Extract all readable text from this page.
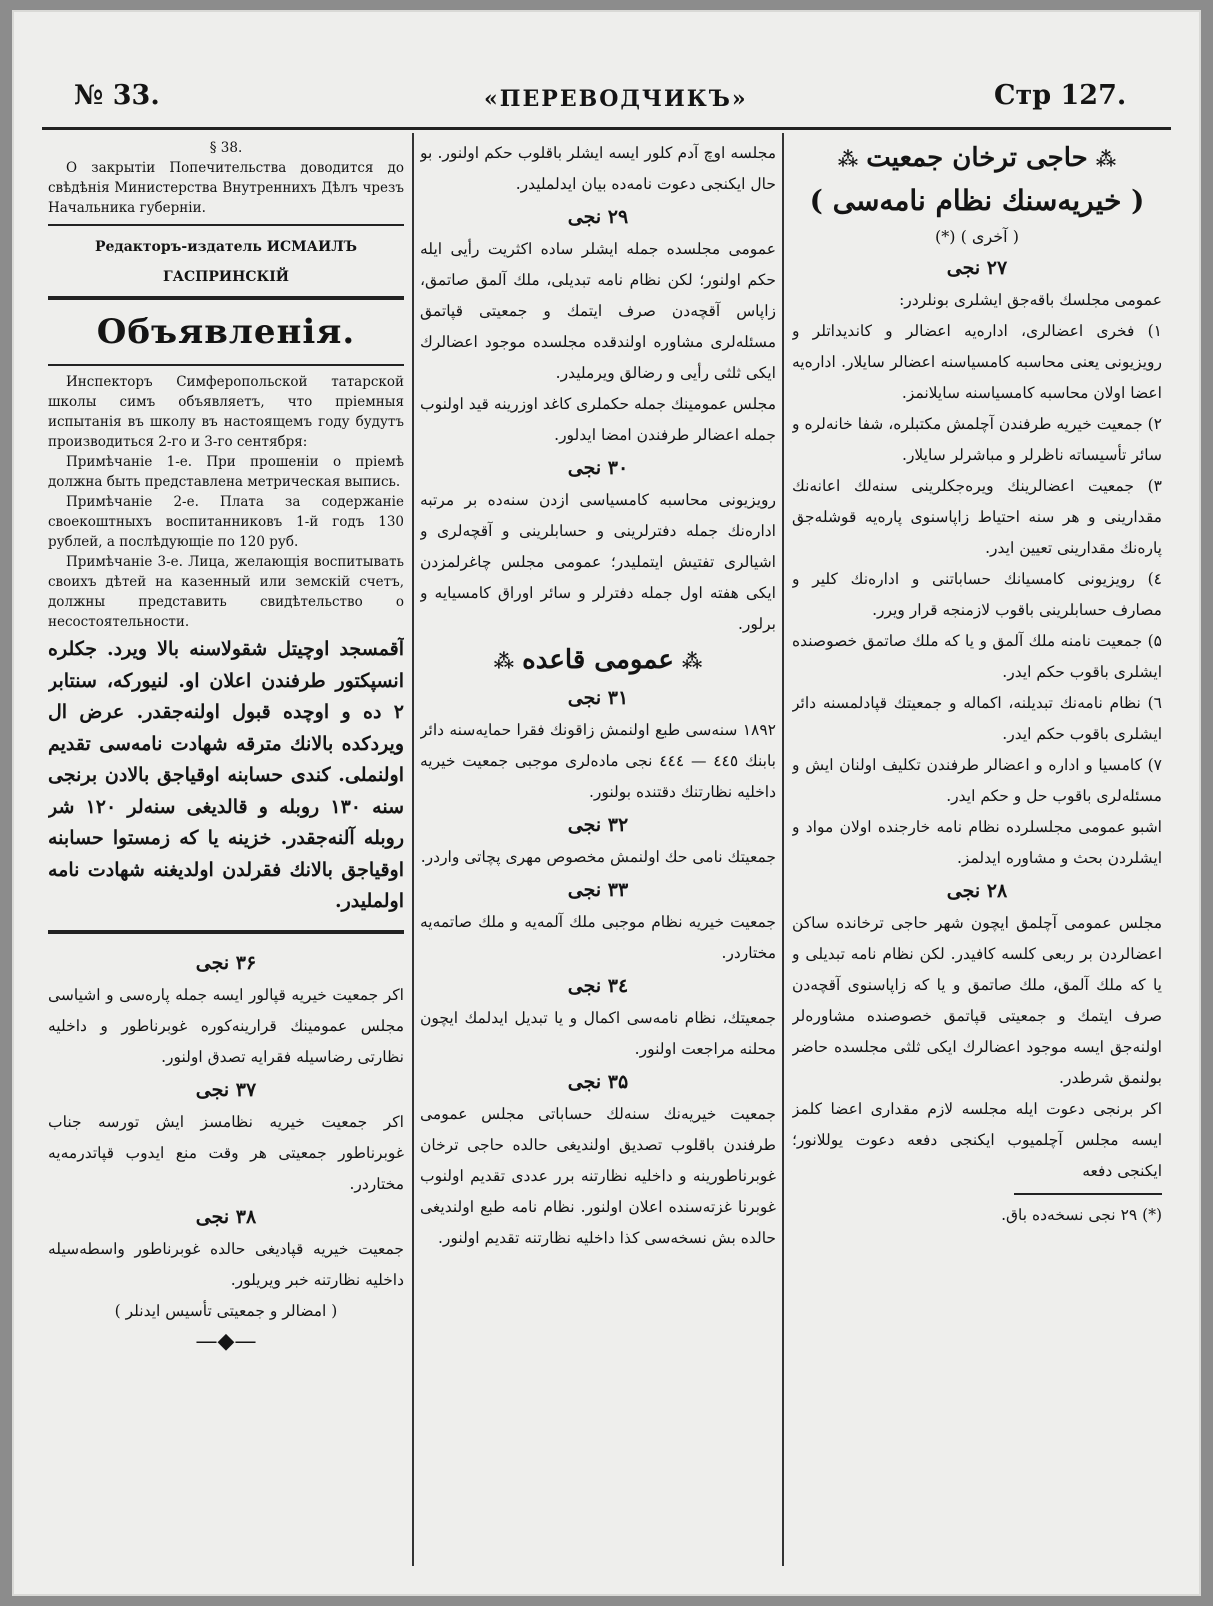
№ 33.	«ПЕРЕВОДЧИКЪ»	Стр 127.

§ 38.

О закрытіи Попечительства доводится до свѣдѣнія Министерства Внутреннихъ Дѣлъ чрезъ Начальника губерніи.

Редакторъ-издатель ИСМАИЛЪ ГАСПРИНСКІЙ

Объявленія.

Инспекторъ Симферопольской татарской школы симъ объявляетъ, что пріемныя испытанія въ школу въ настоящемъ году будутъ производиться 2-го и 3-го сентября:

Примѣчаніе 1-е. При прошеніи о пріемѣ должна быть представлена метрическая выпись.

Примѣчаніе 2-е. Плата за содержаніе своекоштныхъ воспитанниковъ 1-й годъ 130 рублей, а послѣдующіе по 120 руб.

Примѣчаніе 3-е. Лица, желающія воспитывать своихъ дѣтей на казенный или земскій счетъ, должны представить свидѣтельство о несостоятельности.

آقمسجد اوچيتل شقولاسنه بالا ويرد. جكلره انسپكتور طرفندن اعلان او. لنيورکه، سنتابر ۲ ده و اوچده قبول اولنه‌جقدر. عرض ال ويردکده بالانك مترقه شهادت نامه‌سى تقديم اولنملى. کندى حسابنه اوقياجق بالادن برنجى سنه ۱۳۰ روبله و قالديغى سنه‌لر ۱۲۰ شر روبله آلنه‌جقدر. خزينه يا که زمستوا حسابنه اوقياجق بالانك فقرلدن اولديغنه شهادت نامه اولمليدر.

۳۶ نجى

اکر جمعيت خيريه قپالور ايسه جمله پاره‌سى و اشياسى مجلس عمومينك قرارينه‌کوره غوبرناطور و داخليه نظارتى رضاسيله فقرايه تصدق اولنور.

۳۷ نجى

اکر جمعيت خيريه نظامسز ايش تورسه جناب غوبرناطور جمعيتى هر وقت منع ايدوب قپاتدرمه‌يه مختاردر.

۳۸ نجى

جمعيت خيريه قپاديغى حالده غوبرناطور واسطه‌سيله داخليه نظارتنه خبر ويريلور.

( امضالر و جمعيتى تأسيس ايدنلر )

—◆—

مجلسه اوچ آدم کلور ايسه ايشلر باقلوب حکم اولنور. بو حال ايکنجى دعوت نامه‌ده بيان ايدلمليدر.

۲۹ نجى

عمومى مجلسده جمله ايشلر ساده اکثريت رأيى ايله حکم اولنور؛ لکن نظام نامه تبديلى، ملك آلمق صاتمق، زاپاس آقچه‌دن صرف ايتمك و جمعيتى قپاتمق مسئله‌لرى مشاوره اولندقده مجلسده موجود اعضالرك ايکى ثلثى رأيى و رضالق ويرمليدر.

مجلس عمومينك جمله حکملرى کاغد اوزرينه قيد اولنوب جمله اعضالر طرفندن امضا ايدلور.

۳۰ نجى

رويزيونى محاسبه کامسياسى ازدن سنه‌ده بر مرتبه اداره‌نك جمله دفترلرينى و حسابلرينى و آقچه‌لرى و اشيالرى تفتيش ايتمليدر؛ عمومى مجلس چاغرلمزدن ايکى هفته اول جمله دفترلر و سائر اوراق کامسيايه و برلور.

⁂عمومى قاعده⁂

۳۱ نجى

۱۸۹۲ سنه‌سى طبع اولنمش زاقونك فقرا حمايه‌سنه دائر بابنك ٤٤٥ — ٤٤٤ نجى ماده‌لرى موجبى جمعيت خيريه داخليه نظارتنك دقتنده بولنور.

۳۲ نجى

جمعيتك نامى حك اولنمش مخصوص مهرى پچاتى واردر.

۳۳ نجى

جمعيت خيريه نظام موجبى ملك آلمه‌يه و ملك صاتمه‌يه مختاردر.

۳٤ نجى

جمعيتك، نظام نامه‌سى اکمال و يا تبديل ايدلمك ايچون محلنه مراجعت اولنور.

۳۵ نجى

جمعيت خيريه‌نك سنه‌لك حساباتى مجلس عمومى طرفندن باقلوب تصديق اولنديغى حالده حاجى ترخان غوبرناطورينه و داخليه نظارتنه برر عددى تقديم اولنوب غوبرنا غزته‌سنده اعلان اولنور. نظام نامه طبع اولنديغى حالده بش نسخه‌سى کذا داخليه نظارتنه تقديم اولنور.

⁂حاجى ترخان جمعيت⁂

( خيريه‌سنك نظام نامه‌سى )

( آخرى ) (*)

۲۷ نجى

عمومى مجلسك باقه‌جق ايشلرى بونلردر:

۱) فخرى اعضالرى، اداره‌يه اعضالر و کانديداتلر و رويزيونى يعنى محاسبه کامسياسنه اعضالر سايلار. اداره‌يه اعضا اولان محاسبه کامسياسنه سايلانمز.

۲) جمعيت خيريه طرفندن آچلمش مکتبلره، شفا خانه‌لره و سائر تأسيساته ناظرلر و مباشرلر سايلار.

۳) جمعيت اعضالرينك ويره‌جکلرينى سنه‌لك اعانه‌نك مقدارينى و هر سنه احتياط زاپاسنوى پاره‌يه قوشله‌جق پاره‌نك مقدارينى تعيين ايدر.

٤) رويزيونى کامسيانك حساباتنى و اداره‌نك کلير و مصارف حسابلرينى باقوب لازمنجه قرار ويرر.

۵) جمعيت نامنه ملك آلمق و يا که ملك صاتمق خصوصنده ايشلرى باقوب حکم ايدر.

٦) نظام نامه‌نك تبديلنه، اکماله و جمعيتك قپادلمسنه دائر ايشلرى باقوب حکم ايدر.

۷) کامسيا و اداره و اعضالر طرفندن تکليف اولنان ايش و مسئله‌لرى باقوب حل و حکم ايدر.

اشبو عمومى مجلسلرده نظام نامه خارجنده اولان مواد و ايشلردن بحث و مشاوره ايدلمز.

۲۸ نجى

مجلس عمومى آچلمق ايچون شهر حاجى ترخانده ساکن اعضالردن بر ربعى کلسه کافيدر. لکن نظام نامه تبديلى و يا که ملك آلمق، ملك صاتمق و يا که زاپاسنوى آقچه‌دن صرف ايتمك و جمعيتى قپاتمق خصوصنده مشاوره‌لر اولنه‌جق ايسه موجود اعضالرك ايکى ثلثى مجلسده حاضر بولنمق شرطدر.

اکر برنجى دعوت ايله مجلسه لازم مقدارى اعضا کلمز ايسه مجلس آچلميوب ايکنجى دفعه دعوت يوللانور؛ ايکنجى دفعه

(*) ۲۹ نجى نسخه‌ده باق.
